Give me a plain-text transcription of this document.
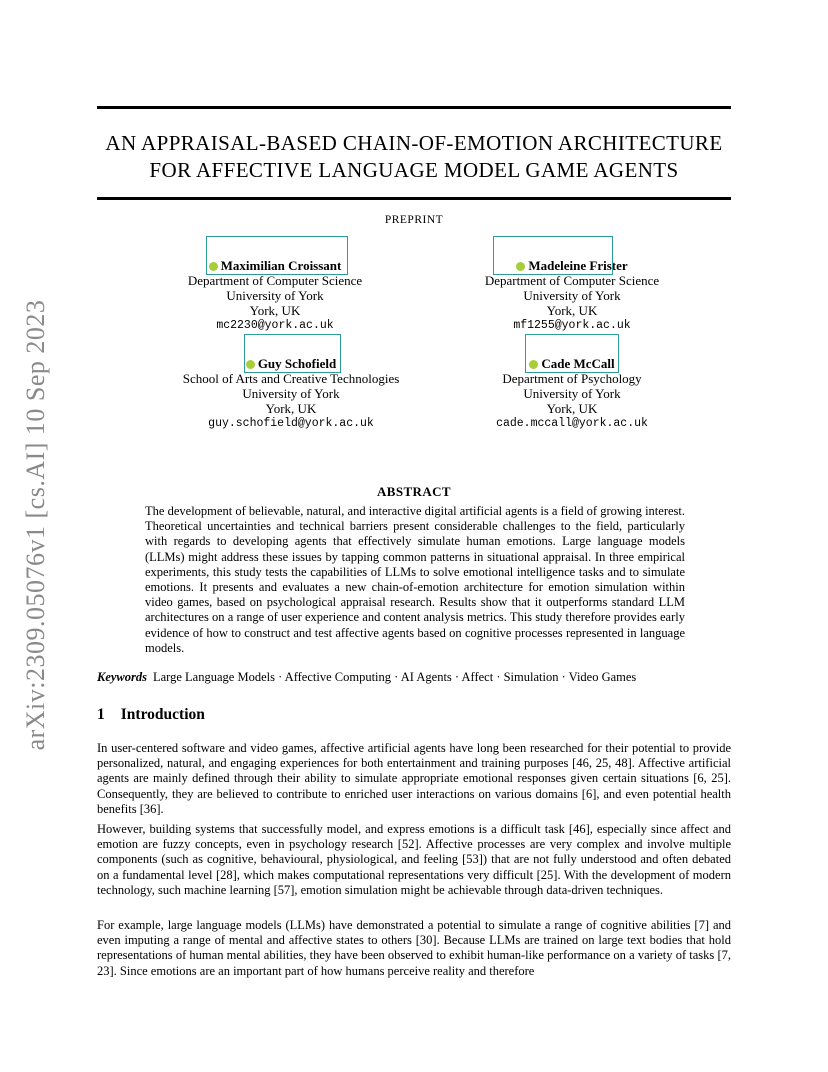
arXiv:2309.05076v1 [cs.AI] 10 Sep 2023
AN APPRAISAL-BASED CHAIN-OF-EMOTION ARCHITECTURE
FOR AFFECTIVE LANGUAGE MODEL GAME AGENTS
PREPRINT
Maximilian Croissant
Department of Computer Science
University of York
York, UK
mc2230@york.ac.uk
Madeleine Frister
Department of Computer Science
University of York
York, UK
mf1255@york.ac.uk
Guy Schofield
School of Arts and Creative Technologies
University of York
York, UK
guy.schofield@york.ac.uk
Cade McCall
Department of Psychology
University of York
York, UK
cade.mccall@york.ac.uk
ABSTRACT
The development of believable, natural, and interactive digital artificial agents is a field of growing interest. Theoretical uncertainties and technical barriers present considerable challenges to the field, particularly with regards to developing agents that effectively simulate human emotions. Large language models (LLMs) might address these issues by tapping common patterns in situational appraisal. In three empirical experiments, this study tests the capabilities of LLMs to solve emotional intelligence tasks and to simulate emotions. It presents and evaluates a new chain-of-emotion architecture for emotion simulation within video games, based on psychological appraisal research. Results show that it outperforms standard LLM architectures on a range of user experience and content analysis metrics. This study therefore provides early evidence of how to construct and test affective agents based on cognitive processes represented in language models.
Keywords Large Language Models · Affective Computing · AI Agents · Affect · Simulation · Video Games
1 Introduction
In user-centered software and video games, affective artificial agents have long been researched for their potential to provide personalized, natural, and engaging experiences for both entertainment and training purposes [46, 25, 48]. Affective artificial agents are mainly defined through their ability to simulate appropriate emotional responses given certain situations [6, 25]. Consequently, they are believed to contribute to enriched user interactions on various domains [6], and even potential health benefits [36].
However, building systems that successfully model, and express emotions is a difficult task [46], especially since affect and emotion are fuzzy concepts, even in psychology research [52]. Affective processes are very complex and involve multiple components (such as cognitive, behavioural, physiological, and feeling [53]) that are not fully understood and often debated on a fundamental level [28], which makes computational representations very difficult [25]. With the development of modern technology, such machine learning [57], emotion simulation might be achievable through data-driven techniques.
For example, large language models (LLMs) have demonstrated a potential to simulate a range of cognitive abilities [7] and even imputing a range of mental and affective states to others [30]. Because LLMs are trained on large text bodies that hold representations of human mental abilities, they have been observed to exhibit human-like performance on a variety of tasks [7, 23]. Since emotions are an important part of how humans perceive reality and therefore
